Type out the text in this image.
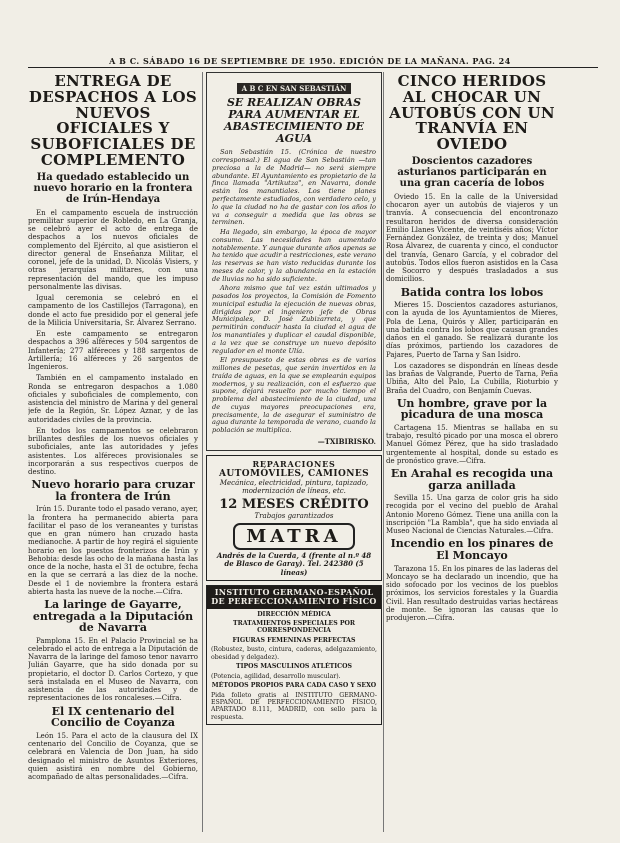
A B C. SÁBADO 16 DE SEPTIEMBRE DE 1950. EDICIÓN DE LA MAÑANA. PAG. 24
ENTREGA DE DESPACHOS A LOS NUEVOS OFICIALES Y SUBOFICIALES DE COMPLEMENTO
Ha quedado establecido un nuevo horario en la frontera de Irún-Hendaya

En el campamento escuela de instrucción premilitar superior de Robledo, en La Granja, se celebró ayer el acto de entrega de despachos a los nuevos oficiales de complemento del Ejército, al que asistieron el director general de Enseñanza Militar, el coronel, jefe de la unidad, D. Nicolás Visiers, y otras jerarquías militares, con una representación del mando, que les impuso personalmente las divisas.

Igual ceremonia se celebró en el campamento de los Castillejos (Tarragona), en donde el acto fue presidido por el general jefe de la Milicia Universitaria, Sr. Álvarez Serrano.

En este campamento se entregaron despachos a 396 alféreces y 504 sargentos de Infantería; 277 alféreces y 188 sargentos de Artillería; 16 alféreces y 26 sargentos de Ingenieros.

También en el campamento instalado en Ronda se entregaron despachos a 1.080 oficiales y suboficiales de complemento, con asistencia del ministro de Marina y del general jefe de la Región, Sr. López Aznar, y de las autoridades civiles de la provincia.

En todos los campamentos se celebraron brillantes desfiles de los nuevos oficiales y suboficiales, ante las autoridades y jefes asistentes. Los alféreces provisionales se incorporarán a sus respectivos cuerpos de destino.

Nuevo horario para cruzar la frontera de Irún

Irún 15. Durante todo el pasado verano, ayer, la frontera ha permanecido abierta para facilitar el paso de los veraneantes y turistas que en gran número han cruzado hasta medianoche. A partir de hoy regirá el siguiente horario en los puestos fronterizos de Irún y Behobia: desde las ocho de la mañana hasta las once de la noche, hasta el 31 de octubre, fecha en la que se cerrará a las diez de la noche. Desde el 1 de noviembre la frontera estará abierta hasta las nueve de la noche.—Cifra.

La laringe de Gayarre, entregada a la Diputación de Navarra

Pamplona 15. En el Palacio Provincial se ha celebrado el acto de entrega a la Diputación de Navarra de la laringe del famoso tenor navarro Julián Gayarre, que ha sido donada por su propietario, el doctor D. Carlos Cortezo, y que será instalada en el Museo de Navarra, con asistencia de las autoridades y de representaciones de los roncaleses.—Cifra.

El IX centenario del Concilio de Coyanza

León 15. Para el acto de la clausura del IX centenario del Concilio de Coyanza, que se celebrará en Valencia de Don Juan, ha sido designado el ministro de Asuntos Exteriores, quien asistirá en nombre del Gobierno, acompañado de altas personalidades.—Cifra.

A B C EN SAN SEBASTIÁN
SE REALIZAN OBRAS PARA AUMENTAR EL ABASTECIMIENTO DE AGUA

San Sebastián 15. (Crónica de nuestro corresponsal.) El agua de San Sebastián —tan preciosa a la de Madrid— no será siempre abundante. El Ayuntamiento es propietario de la finca llamada "Artikutza", en Navarra, donde están los manantiales. Los tiene planes perfectamente estudiados, con verdadero celo, y lo que la ciudad no ha de gastar con los años lo va a conseguir a medida que las obras se terminen.

Ha llegado, sin embargo, la época de mayor consumo. Las necesidades han aumentado notablemente. Y aunque durante años apenas se ha tenido que acudir a restricciones, este verano las reservas se han visto reducidas durante los meses de calor, y la abundancia en la estación de lluvias no ha sido suficiente.

Ahora mismo que tal vez están ultimados y pasados los proyectos, la Comisión de Fomento municipal estudia la ejecución de nuevas obras, dirigidas por el ingeniero jefe de Obras Municipales, D. José Zubizarreta, y que permitirán conducir hasta la ciudad el agua de los manantiales y duplicar el caudal disponible, a la vez que se construye un nuevo depósito regulador en el monte Ulía.

El presupuesto de estas obras es de varios millones de pesetas, que serán invertidos en la traída de aguas, en la que se emplearán equipos modernos, y su realización, con el esfuerzo que supone, dejará resuelto por mucho tiempo el problema del abastecimiento de la ciudad, una de cuyas mayores preocupaciones era, precisamente, la de asegurar el suministro de agua durante la temporada de verano, cuando la población se multiplica.

—TXIBIRISKO.
REPARACIONES
AUTOMÓVILES, CAMIONES
Mecánica, electricidad, pintura, tapizado, modernización de líneas, etc.
12 MESES CRÉDITO
Trabajos garantizados
MATRA
Andrés de la Cuerda, 4 (frente al n.º 48
de Blasco de Garay). Tel. 242380 (5 líneas)
INSTITUTO GERMANO-ESPAÑOL DE PERFECCIONAMIENTO FÍSICO
DIRECCIÓN MÉDICA
TRATAMIENTOS ESPECIALES POR CORRESPONDENCIA
FIGURAS FEMENINAS PERFECTAS
(Robustez, busto, cintura, caderas, adelgazamiento, obesidad y delgadez).
TIPOS MASCULINOS ATLÉTICOS
(Potencia, agilidad, desarrollo muscular).
MÉTODOS PROPIOS PARA CADA CASO Y SEXO
Pida folleto gratis al INSTITUTO GERMANO-ESPAÑOL DE PERFECCIONAMIENTO FÍSICO, APARTADO 8.111, MADRID, con sello para la respuesta.
CINCO HERIDOS AL CHOCAR UN AUTOBÚS CON UN TRANVÍA EN OVIEDO
Doscientos cazadores asturianos participarán en una gran cacería de lobos

Oviedo 15. En la calle de la Universidad chocaron ayer un autobús de viajeros y un tranvía. A consecuencia del encontronazo resultaron heridos de diversa consideración Emilio Llanes Vicente, de veintiséis años; Víctor Fernández González, de treinta y dos; Manuel Rosa Álvarez, de cuarenta y cinco, el conductor del tranvía, Genaro García, y el cobrador del autobús. Todos ellos fueron asistidos en la Casa de Socorro y después trasladados a sus domicilios.

Batida contra los lobos

Mieres 15. Doscientos cazadores asturianos, con la ayuda de los Ayuntamientos de Mieres, Pola de Lena, Quirós y Aller, participarán en una batida contra los lobos que causan grandes daños en el ganado. Se realizará durante los días próximos, partiendo los cazadores de Pajares, Puerto de Tarna y San Isidro.

Los cazadores se dispondrán en líneas desde las brañas de Valgrande, Puerto de Tarna, Peña Ubiña, Alto del Palo, La Cubilla, Rioturbio y Braña del Cuadro, con Benjamín Cuevas.

Un hombre, grave por la picadura de una mosca

Cartagena 15. Mientras se hallaba en su trabajo, resultó picado por una mosca el obrero Manuel Gómez Pérez, que ha sido trasladado urgentemente al hospital, donde su estado es de pronóstico grave.—Cifra.

En Arahal es recogida una garza anillada

Sevilla 15. Una garza de color gris ha sido recogida por el vecino del pueblo de Arahal Antonio Moreno Gómez. Tiene una anilla con la inscripción "La Rambla", que ha sido enviada al Museo Nacional de Ciencias Naturales.—Cifra.

Incendio en los pinares de El Moncayo

Tarazona 15. En los pinares de las laderas del Moncayo se ha declarado un incendio, que ha sido sofocado por los vecinos de los pueblos próximos, los servicios forestales y la Guardia Civil. Han resultado destruidas varias hectáreas de monte. Se ignoran las causas que lo produjeron.—Cifra.
